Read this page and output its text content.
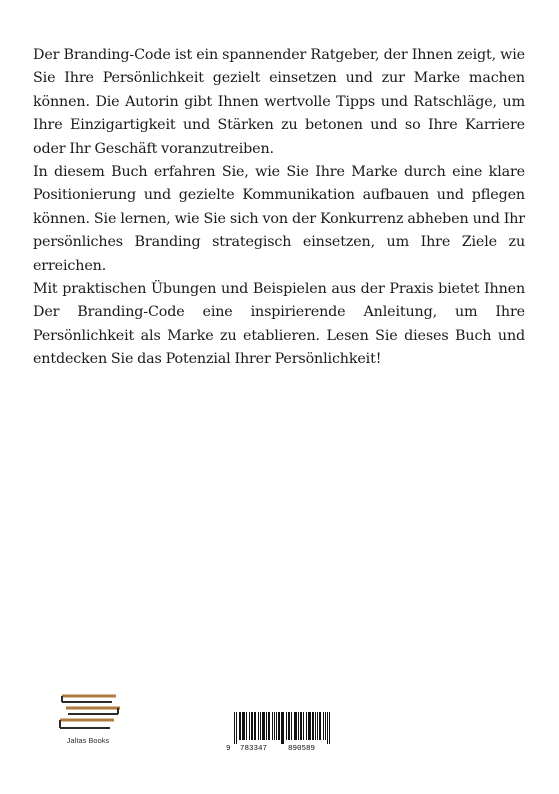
Der Branding-Code ist ein spannender Ratgeber, der Ihnen zeigt, wie Sie Ihre Persönlichkeit gezielt einsetzen und zur Marke machen können. Die Autorin gibt Ihnen wertvolle Tipps und Ratschläge, um Ihre Einzigartigkeit und Stärken zu betonen und so Ihre Karriere oder Ihr Geschäft voranzutreiben.

In diesem Buch erfahren Sie, wie Sie Ihre Marke durch eine klare Positionierung und gezielte Kommunikation aufbauen und pflegen können. Sie lernen, wie Sie sich von der Konkurrenz abheben und Ihr persönliches Branding strategisch einsetzen, um Ihre Ziele zu erreichen.

Mit praktischen Übungen und Beispielen aus der Praxis bietet Ihnen Der Branding-Code eine inspirierende Anleitung, um Ihre Persönlichkeit als Marke zu etablieren. Lesen Sie dieses Buch und entdecken Sie das Potenzial Ihrer Persönlichkeit!

Jaltas Books

9

783347

	890589
